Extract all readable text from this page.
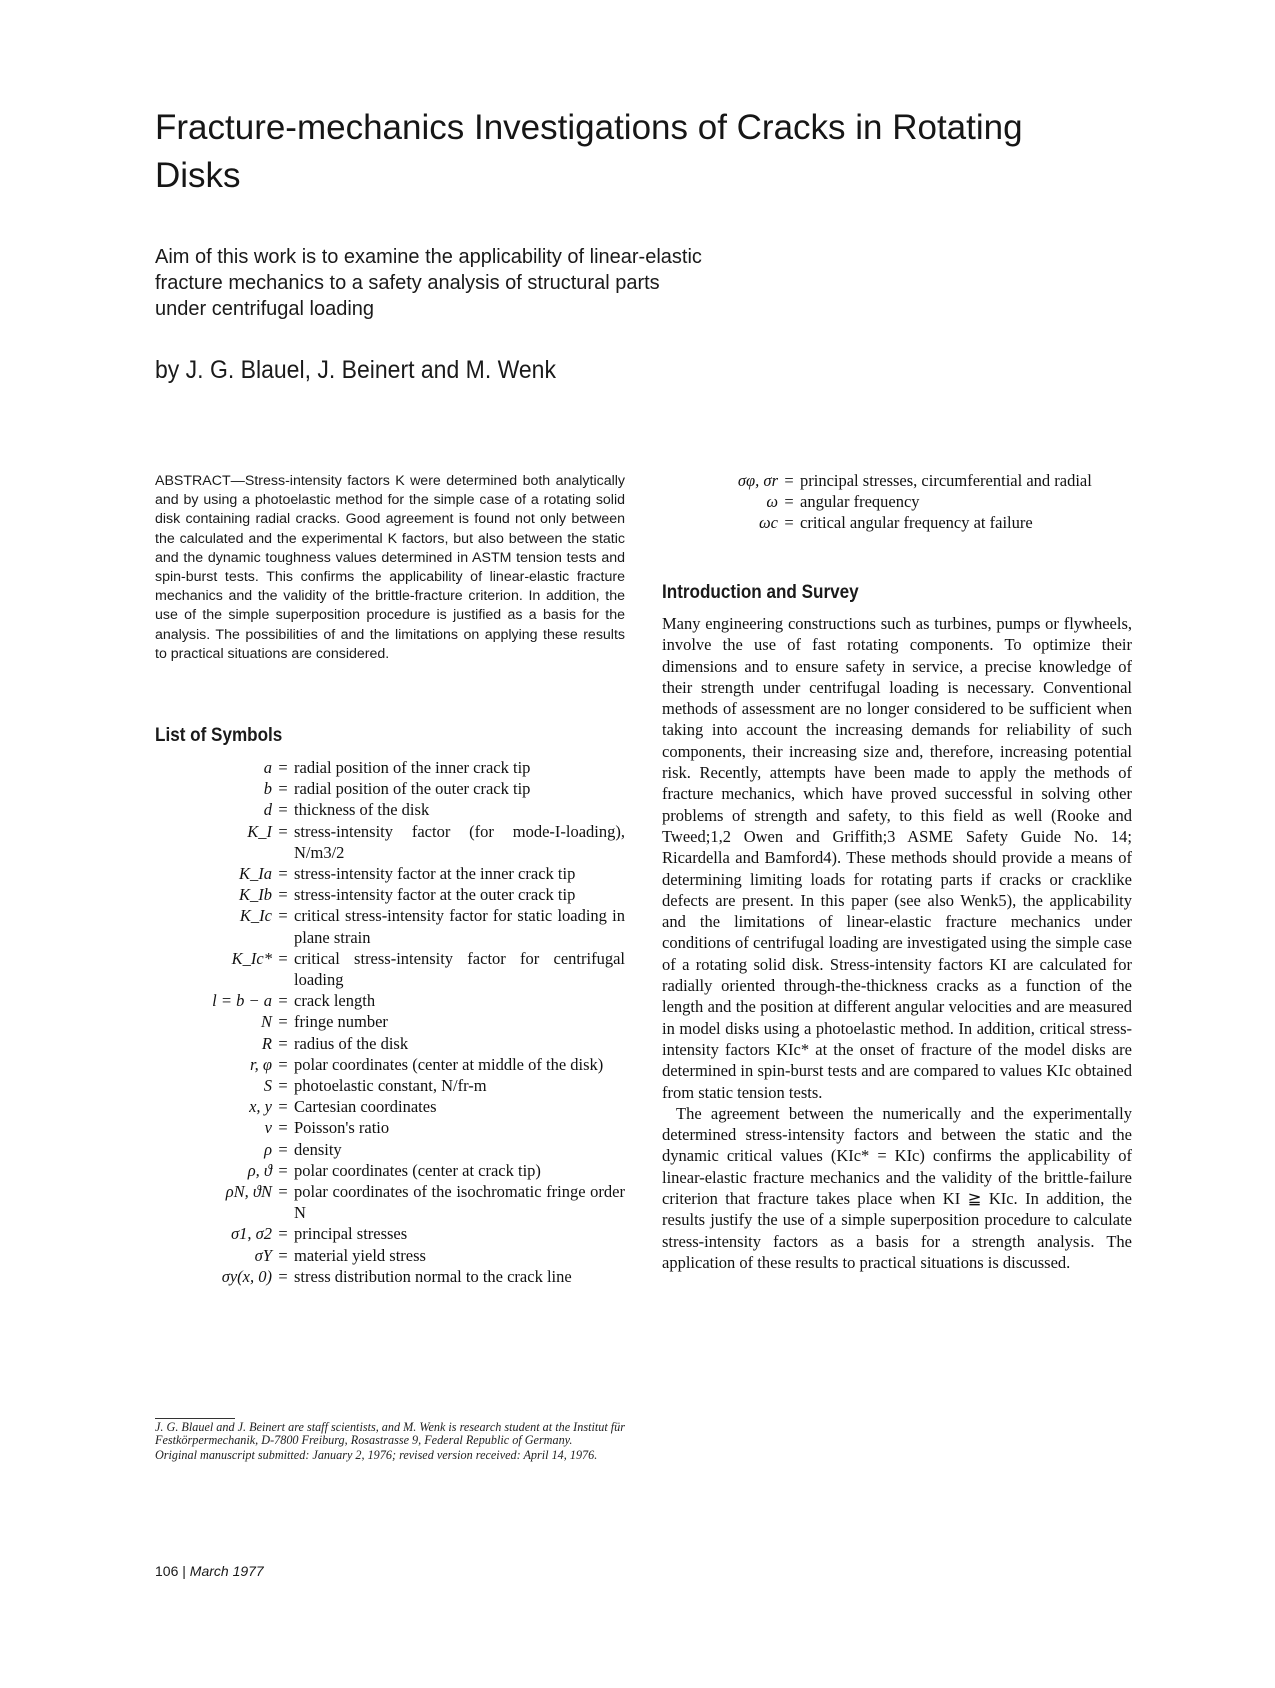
Fracture-mechanics Investigations of Cracks in Rotating Disks
Aim of this work is to examine the applicability of linear-elastic fracture mechanics to a safety analysis of structural parts under centrifugal loading
by J. G. Blauel, J. Beinert and M. Wenk
ABSTRACT—Stress-intensity factors K were determined both analytically and by using a photoelastic method for the simple case of a rotating solid disk containing radial cracks. Good agreement is found not only between the calculated and the experimental K factors, but also between the static and the dynamic toughness values determined in ASTM tension tests and spin-burst tests. This confirms the applicability of linear-elastic fracture mechanics and the validity of the brittle-fracture criterion. In addition, the use of the simple superposition procedure is justified as a basis for the analysis. The possibilities of and the limitations on applying these results to practical situations are considered.
List of Symbols
a = radial position of the inner crack tip
b = radial position of the outer crack tip
d = thickness of the disk
K_I = stress-intensity factor (for mode-I-loading), N/m3/2
K_Ia = stress-intensity factor at the inner crack tip
K_Ib = stress-intensity factor at the outer crack tip
K_Ic = critical stress-intensity factor for static loading in plane strain
K_Ic* = critical stress-intensity factor for centrifugal loading
l = b − a = crack length
N = fringe number
R = radius of the disk
r, φ = polar coordinates (center at middle of the disk)
S = photoelastic constant, N/fr-m
x, y = Cartesian coordinates
ν = Poisson's ratio
ρ = density
ρ, ϑ = polar coordinates (center at crack tip)
ρN, ϑN = polar coordinates of the isochromatic fringe order N
σ1, σ2 = principal stresses
σY = material yield stress
σy(x, 0) = stress distribution normal to the crack line
σφ, σr = principal stresses, circumferential and radial
ω = angular frequency
ωc = critical angular frequency at failure
Introduction and Survey

Many engineering constructions such as turbines, pumps or flywheels, involve the use of fast rotating components. To optimize their dimensions and to ensure safety in service, a precise knowledge of their strength under centrifugal loading is necessary. Conventional methods of assessment are no longer considered to be sufficient when taking into account the increasing demands for reliability of such components, their increasing size and, therefore, increasing potential risk. Recently, attempts have been made to apply the methods of fracture mechanics, which have proved successful in solving other problems of strength and safety, to this field as well (Rooke and Tweed;1,2 Owen and Griffith;3 ASME Safety Guide No. 14; Ricardella and Bamford4). These methods should provide a means of determining limiting loads for rotating parts if cracks or cracklike defects are present. In this paper (see also Wenk5), the applicability and the limitations of linear-elastic fracture mechanics under conditions of centrifugal loading are investigated using the simple case of a rotating solid disk. Stress-intensity factors KI are calculated for radially oriented through-the-thickness cracks as a function of the length and the position at different angular velocities and are measured in model disks using a photoelastic method. In addition, critical stress-intensity factors KIc* at the onset of fracture of the model disks are determined in spin-burst tests and are compared to values KIc obtained from static tension tests.

The agreement between the numerically and the experimentally determined stress-intensity factors and between the static and the dynamic critical values (KIc* = KIc) confirms the applicability of linear-elastic fracture mechanics and the validity of the brittle-failure criterion that fracture takes place when KI ≧ KIc. In addition, the results justify the use of a simple superposition procedure to calculate stress-intensity factors as a basis for a strength analysis. The application of these results to practical situations is discussed.

J. G. Blauel and J. Beinert are staff scientists, and M. Wenk is research student at the Institut für Festkörpermechanik, D-7800 Freiburg, Rosastrasse 9, Federal Republic of Germany.

Original manuscript submitted: January 2, 1976; revised version received: April 14, 1976.

106 | March 1977
